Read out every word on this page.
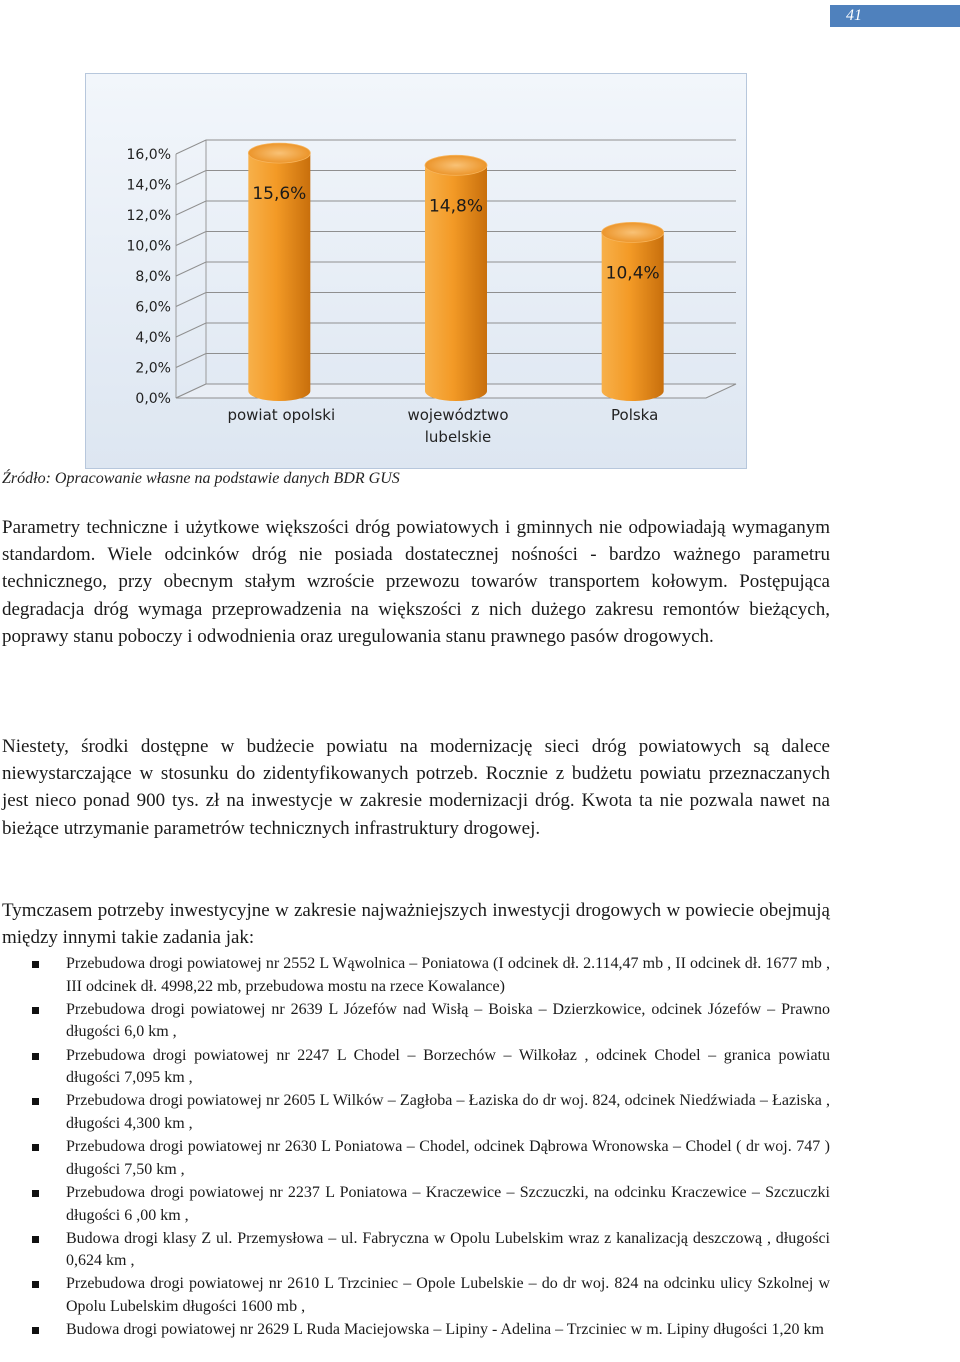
41
0,0%
2,0%
4,0%
6,0%
8,0%
10,0%
12,0%
14,0%
16,0%
15,6%
powiat opolski
14,8%
województwo
lubelskie
10,4%
Polska
Źródło: Opracowanie własne na podstawie danych BDR GUS

Parametry techniczne i użytkowe większości dróg powiatowych i gminnych nie odpowiadają wymaganym standardom. Wiele odcinków dróg nie posiada dostatecznej nośności - bardzo ważnego parametru technicznego, przy obecnym stałym wzroście przewozu towarów transportem kołowym. Postępująca degradacja dróg wymaga przeprowadzenia na większości z nich dużego zakresu remontów bieżących, poprawy stanu poboczy i odwodnienia oraz uregulowania stanu prawnego pasów drogowych.

Niestety, środki dostępne w budżecie powiatu na modernizację sieci dróg powiatowych są dalece niewystarczające w stosunku do zidentyfikowanych potrzeb. Rocznie z budżetu powiatu przeznaczanych jest nieco ponad 900 tys. zł na inwestycje w zakresie modernizacji dróg. Kwota ta nie pozwala nawet na bieżące utrzymanie parametrów technicznych infrastruktury drogowej.

Tymczasem potrzeby inwestycyjne w zakresie najważniejszych inwestycji drogowych w powiecie obejmują między innymi takie zadania jak:

Przebudowa drogi powiatowej nr 2552 L Wąwolnica – Poniatowa (I odcinek dł. 2.114,47 mb , II odcinek dł. 1677 mb , III odcinek dł. 4998,22 mb, przebudowa mostu na rzece Kowalance)
Przebudowa drogi powiatowej nr 2639 L Józefów nad Wisłą – Boiska – Dzierzkowice, odcinek Józefów – Prawno długości 6,0 km ,
Przebudowa drogi powiatowej nr 2247 L Chodel – Borzechów – Wilkołaz , odcinek Chodel – granica powiatu długości 7,095 km ,
Przebudowa drogi powiatowej nr 2605 L Wilków – Zagłoba – Łaziska do dr woj. 824, odcinek Niedźwiada – Łaziska , długości 4,300 km ,
Przebudowa drogi powiatowej nr 2630 L Poniatowa – Chodel, odcinek Dąbrowa Wronowska – Chodel ( dr woj. 747 ) długości 7,50 km ,
Przebudowa drogi powiatowej nr 2237 L Poniatowa – Kraczewice – Szczuczki, na odcinku Kraczewice – Szczuczki długości 6 ,00 km ,
Budowa drogi klasy Z ul. Przemysłowa – ul. Fabryczna w Opolu Lubelskim wraz z kanalizacją deszczową , długości 0,624 km ,
Przebudowa drogi powiatowej nr 2610 L Trzciniec – Opole Lubelskie – do dr woj. 824 na odcinku ulicy Szkolnej w Opolu Lubelskim długości 1600 mb ,
Budowa drogi powiatowej nr 2629 L Ruda Maciejowska – Lipiny - Adelina – Trzciniec w m. Lipiny długości 1,20 km
